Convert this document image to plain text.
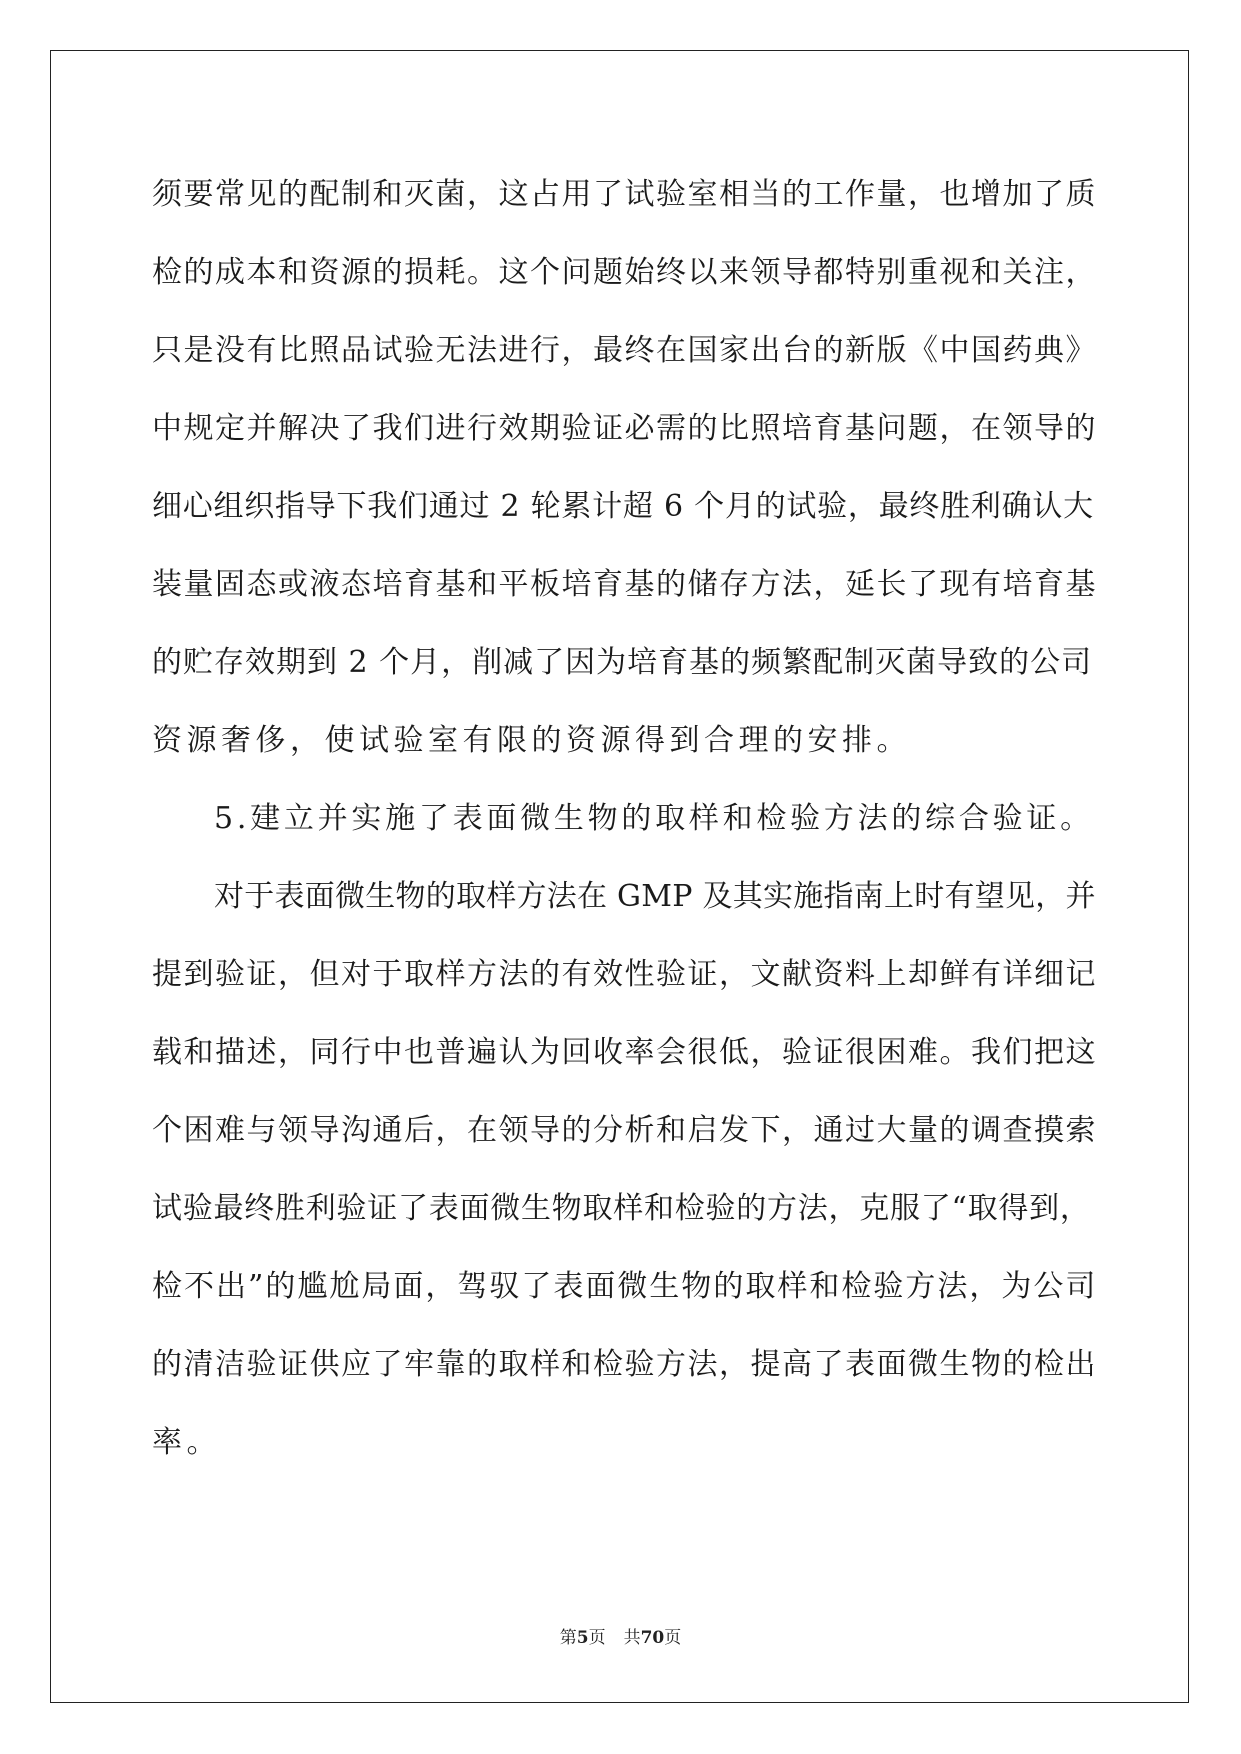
须要常见的配制和灭菌，这占用了试验室相当的工作量，也增加了质
检的成本和资源的损耗。这个问题始终以来领导都特别重视和关注，
只是没有比照品试验无法进行，最终在国家出台的新版《中国药典》
中规定并解决了我们进行效期验证必需的比照培育基问题，在领导的
细心组织指导下我们通过 2 轮累计超 6 个月的试验，最终胜利确认大
装量固态或液态培育基和平板培育基的储存方法，延长了现有培育基
的贮存效期到 2 个月，削减了因为培育基的频繁配制灭菌导致的公司
资源奢侈，使试验室有限的资源得到合理的安排。
5.建立并实施了表面微生物的取样和检验方法的综合验证。
对于表面微生物的取样方法在 GMP 及其实施指南上时有望见，并
提到验证，但对于取样方法的有效性验证，文献资料上却鲜有详细记
载和描述，同行中也普遍认为回收率会很低，验证很困难。我们把这
个困难与领导沟通后，在领导的分析和启发下，通过大量的调查摸索
试验最终胜利验证了表面微生物取样和检验的方法，克服了“取得到，
检不出”的尴尬局面，驾驭了表面微生物的取样和检验方法，为公司
的清洁验证供应了牢靠的取样和检验方法，提高了表面微生物的检出
率。
第5页 共70页
